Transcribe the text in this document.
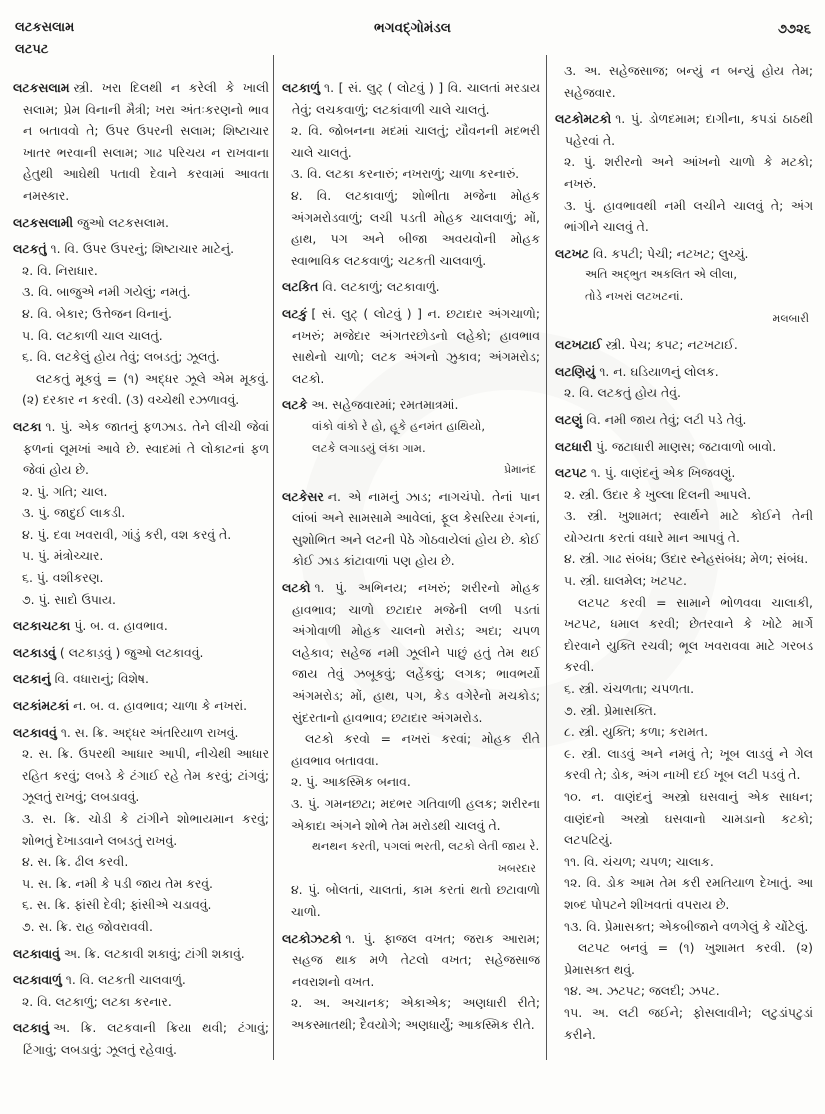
લટકસલામ
લટપટ
ભગવદ્ગોમંડલ	૭૭૨૬
લટકસલામ સ્ત્રી. ખરા દિલથી ન કરેલી કે ખાલી સલામ; પ્રેમ વિનાની મૈત્રી; ખરા અંતઃકરણનો ભાવ ન બતાવવો તે; ઉપર ઉપરની સલામ; શિષ્ટાચાર ખાતર ભરવાની સલામ; ગાઢ પરિચય ન રાખવાના હેતુથી આઘેથી પતાવી દેવાને કરવામાં આવતા નમસ્કાર.
લટકસલામી જુઓ લટકસલામ.
લટકતું ૧. વિ. ઉપર ઉપરનું; શિષ્ટાચાર માટેનું.
૨. વિ. નિરાધાર.
૩. વિ. બાજુએ નમી ગયેલું; નમતું.
૪. વિ. બેકાર; ઉત્તેજન વિનાનું.
૫. વિ. લટકાળી ચાલ ચાલતું.
૬. વિ. લટકેલું હોય તેવું; લબડતું; ઝૂલતું.
લટકતું મૂકવું = (૧) અદ્ધર ઝૂલે એમ મૂકવું. (૨) દરકાર ન કરવી. (૩) વચ્ચેથી રઝળાવવું.
લટકા ૧. પું. એક જાતનું ફળઝાડ. તેને લીચી જેવાં ફળનાં લૂમખાં આવે છે. સ્વાદમાં તે લોકાટનાં ફળ જેવાં હોય છે.
૨. પું. ગતિ; ચાલ.
૩. પું. જાદુઈ લાકડી.
૪. પું. દવા ખવરાવી, ગાંડું કરી, વશ કરવું તે.
૫. પું. મંત્રોચ્ચાર.
૬. પું. વશીકરણ.
૭. પું. સાદો ઉપાય.
લટકાચટકા પું. બ. વ. હાવભાવ.
લટકાડવું ( લટકાડ઼વું ) જુઓ લટકાવવું.
લટકાનું વિ. વધારાનું; વિશેષ.
લટકાંમટકાં ન. બ. વ. હાવભાવ; ચાળા કે નખરાં.
લટકાવવું ૧. સ. ક્રિ. અદ્ધર અંતરિયાળ રાખવું.
૨. સ. ક્રિ. ઉપરથી આધાર આપી, નીચેથી આધાર રહિત કરવું; લબડે કે ટંગાઈ રહે તેમ કરવું; ટાંગવું; ઝૂલતું રાખવું; લબડાવવું.
૩. સ. ક્રિ. ચોડી કે ટાંગીને શોભાયમાન કરવું; શોભતું દેખાડવાને લબડતું રાખવું.
૪. સ. ક્રિ. ઢીલ કરવી.
૫. સ. ક્રિ. નમી કે પડી જાય તેમ કરવું.
૬. સ. ક્રિ. ફાંસી દેવી; ફાંસીએ ચડાવવું.
૭. સ. ક્રિ. રાહ જોવરાવવી.
લટકાવાવું અ. ક્રિ. લટકાવી શકાવું; ટાંગી શકાવું.
લટકાવાળું ૧. વિ. લટકતી ચાલવાળું.
૨. વિ. લટકાળું; લટકા કરનાર.
લટકાવું અ. ક્રિ. લટકવાની ક્રિયા થવી; ટંગાવું; ટિંગાવું; લબડાવું; ઝૂલતું રહેવાવું.
લટકાળું ૧. [ સં. લુટ્ ( લોટવું ) ] વિ. ચાલતાં મરડાય તેવું; લચકવાળું; લટકાંવાળી ચાલે ચાલતું.
૨. વિ. જોબનના મદમાં ચાલતું; યૌવનની મદભરી ચાલે ચાલતું.
૩. વિ. લટકા કરનારું; નખરાળું; ચાળા કરનારું.
૪. વિ. લટકાવાળું; શોભીતા મજેના મોહક અંગમરોડવાળું; લચી પડતી મોહક ચાલવાળું; મોં, હાથ, પગ અને બીજા અવયવોની મોહક સ્વાભાવિક લટકવાળું; ચટકતી ચાલવાળું.
લટકિત વિ. લટકાળું; લટકાવાળું.
લટકું [ સં. લુટ્ ( લોટવું ) ] ન. છટાદાર અંગચાળો; નખરું; મજેદાર અંગતરછોડનો લહેકો; હાવભાવ સાથેનો ચાળો; લટક અંગનો ઝુકાવ; અંગમરોડ; લટકો.
લટકે અ. સહેજવારમાં; રમતમાત્રમાં.
વાંકો વાંકો રે હો, હૂકે હનમંત હાથિયો,
લટકે લગાડયું લંકા ગામ.
પ્રેમાનંદ
લટકેસર ન. એ નામનું ઝાડ; નાગચંપો. તેનાં પાન લાંબાં અને સામસામે આવેલાં, ફૂલ કેસરિયા રંગનાં, સુશોભિત અને લટની પેઠે ગોઠવાયેલાં હોય છે. કોઈ કોઈ ઝાડ કાંટાવાળાં પણ હોય છે.
લટકો ૧. પું. અભિનય; નખરું; શરીરનો મોહક હાવભાવ; ચાળો છટાદાર મજેની લળી પડતાં અંગોવાળી મોહક ચાલનો મરોડ; અદા; ચપળ લહેકાવ; સહેજ નમી ઝૂલીને પાછું હતું તેમ થઈ જાય તેવું ઝબૂકવું; લહેંકવું; લગક; ભાવભર્યો અંગમરોડ; મોં, હાથ, પગ, કેડ વગેરેનો મચકોડ; સુંદરતાનો હાવભાવ; છટાદાર અંગમરોડ.
લટકો કરવો = નખરાં કરવાં; મોહક રીતે હાવભાવ બતાવવા.
૨. પું. આકસ્મિક બનાવ.
૩. પું. ગમનછટા; મદભર ગતિવાળી હલક; શરીરના એકાદા અંગને શોભે તેમ મરોડથી ચાલવું તે.
થનથન કરતી, પગલાં ભરતી, લટકો લેતી જાય રે.
ખબરદાર
૪. પું. બોલતાં, ચાલતાં, કામ કરતાં થતો છટાવાળો ચાળો.
લટકોઝટકો ૧. પું. ફાજલ વખત; જરાક આરામ; સહજ થાક મળે તેટલો વખત; સહેજસાજ નવરાશનો વખત.
૨. અ. અચાનક; એકાએક; અણધારી રીતે; અકસ્માતથી; દૈવયોગે; અણધાર્યું; આકસ્મિક રીતે.
૩. અ. સહેજસાજ; બન્યું ન બન્યું હોય તેમ; સહેજવાર.
લટકોમટકો ૧. પું. ડોળદમામ; દાગીના, કપડાં ઠાઠથી પહેરવાં તે.
૨. પું. શરીરનો અને આંખનો ચાળો કે મટકો; નખરું.
૩. પું. હાવભાવથી નમી લચીને ચાલવું તે; અંગ ભાંગીને ચાલવું તે.
લટખટ વિ. કપટી; પેચી; નટખટ; લુચ્ચું.
અતિ અદ્ભુત અકલિત એ લીલા,
તોડે નખરાં લટખટનાં.
મલબારી
લટખટાઈ સ્ત્રી. પેચ; કપટ; નટખટાઈ.
લટણિયું ૧. ન. ઘડિયાળનું લોલક.
૨. વિ. લટકતું હોય તેવું.
લટણું વિ. નમી જાય તેવું; લટી પડે તેવું.
લટધારી પું. જટાધારી માણસ; જટાવાળો બાવો.
લટપટ ૧. પું. વાણંદનું એક ખિજવણું.
૨. સ્ત્રી. ઉદાર કે ખુલ્લા દિલની આપલે.
૩. સ્ત્રી. ખુશામત; સ્વાર્થને માટે કોઈને તેની યોગ્યતા કરતાં વધારે માન આપવું તે.
૪. સ્ત્રી. ગાઢ સંબંધ; ઉદાર સ્નેહસંબંધ; મેળ; સંબંધ.
૫. સ્ત્રી. ઘાલમેલ; ખટપટ.
લટપટ કરવી = સામાને ભોળવવા ચાલાકી, ખટપટ, ધમાલ કરવી; છેતરવાને કે ખોટે માર્ગે દોરવાને યુક્તિ રચવી; ભૂલ ખવરાવવા માટે ગરબડ કરવી.
૬. સ્ત્રી. ચંચળતા; ચપળતા.
૭. સ્ત્રી. પ્રેમાસક્તિ.
૮. સ્ત્રી. યુક્તિ; કળા; કરામત.
૯. સ્ત્રી. લાડવું અને નમવું તે; ખૂબ લાડવું ને ગેલ કરવી તે; ડોક, અંગ નાખી દઈ ખૂબ લટી પડવું તે.
૧૦. ન. વાણંદનું અસ્ત્રો ઘસવાનું એક સાધન; વાણંદનો અસ્ત્રો ઘસવાનો ચામડાનો કટકો; લટપટિયું.
૧૧. વિ. ચંચળ; ચપળ; ચાલાક.
૧૨. વિ. ડોક આમ તેમ કરી રમતિયાળ દેખાતું. આ શબ્દ પોપટને શીખવતાં વપરાય છે.
૧૩. વિ. પ્રેમાસક્ત; એકબીજાને વળગેલું કે ચોંટેલું.
લટપટ બનવું = (૧) ખુશામત કરવી. (૨) પ્રેમાસક્ત થવું.
૧૪. અ. ઝટપટ; જલદી; ઝપટ.
૧૫. અ. લટી જઈને; ફોસલાવીને; લટુડાંપટુડાં કરીને.
